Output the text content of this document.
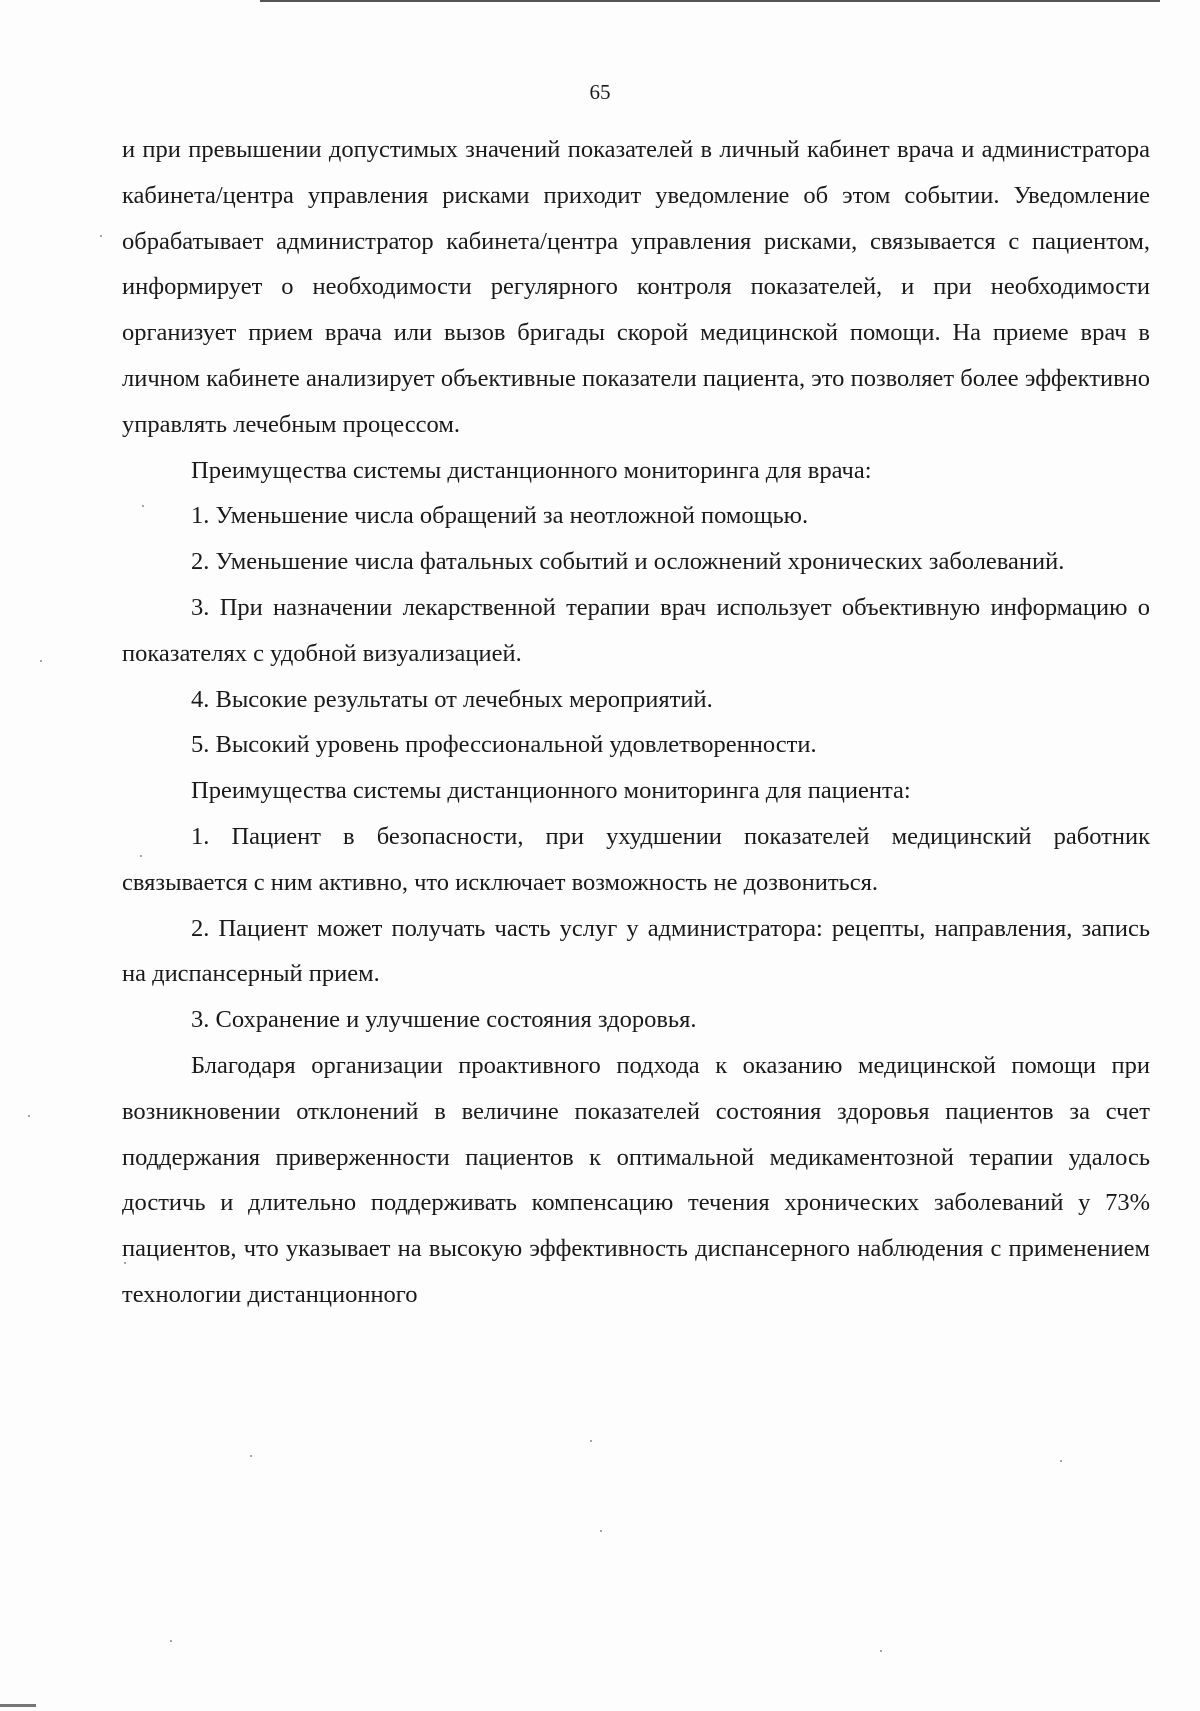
65

и при превышении допустимых значений показателей в личный кабинет врача и администратора кабинета/центра управления рисками приходит уведомление об этом событии. Уведомление обрабатывает администратор кабинета/центра управления рисками, связывается с пациентом, информирует о необходимости регулярного контроля показателей, и при необходимости организует прием врача или вызов бригады скорой медицинской помощи. На приеме врач в личном кабинете анализирует объективные показатели пациента, это позволяет более эффективно управлять лечебным процессом.

Преимущества системы дистанционного мониторинга для врача:

1. Уменьшение числа обращений за неотложной помощью.

2. Уменьшение числа фатальных событий и осложнений хронических заболеваний.

3. При назначении лекарственной терапии врач использует объективную информацию о показателях с удобной визуализацией.

4. Высокие результаты от лечебных мероприятий.

5. Высокий уровень профессиональной удовлетворенности.

Преимущества системы дистанционного мониторинга для пациента:

1. Пациент в безопасности, при ухудшении показателей медицинский работник связывается с ним активно, что исключает возможность не дозвониться.

2. Пациент может получать часть услуг у администратора: рецепты, направления, запись на диспансерный прием.

3. Сохранение и улучшение состояния здоровья.

Благодаря организации проактивного подхода к оказанию медицинской помощи при возникновении отклонений в величине показателей состояния здоровья пациентов за счет поддержания приверженности пациентов к оптимальной медикаментозной терапии удалось достичь и длительно поддерживать компенсацию течения хронических заболеваний у 73% пациентов, что указывает на высокую эффективность диспансерного наблюдения с применением технологии дистанционного
